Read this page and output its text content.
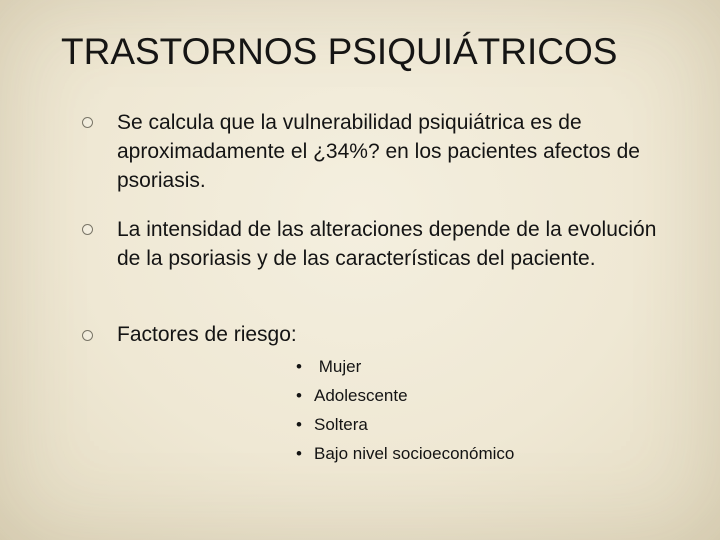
TRASTORNOS PSIQUIÁTRICOS
Se calcula que la vulnerabilidad psiquiátrica es de aproximadamente el ¿34%? en los pacientes afectos de psoriasis.
La intensidad de las alteraciones depende de la evolución de la psoriasis y de las características del paciente.
Factores de riesgo:
• Mujer
• Adolescente
• Soltera
• Bajo nivel socioeconómico
